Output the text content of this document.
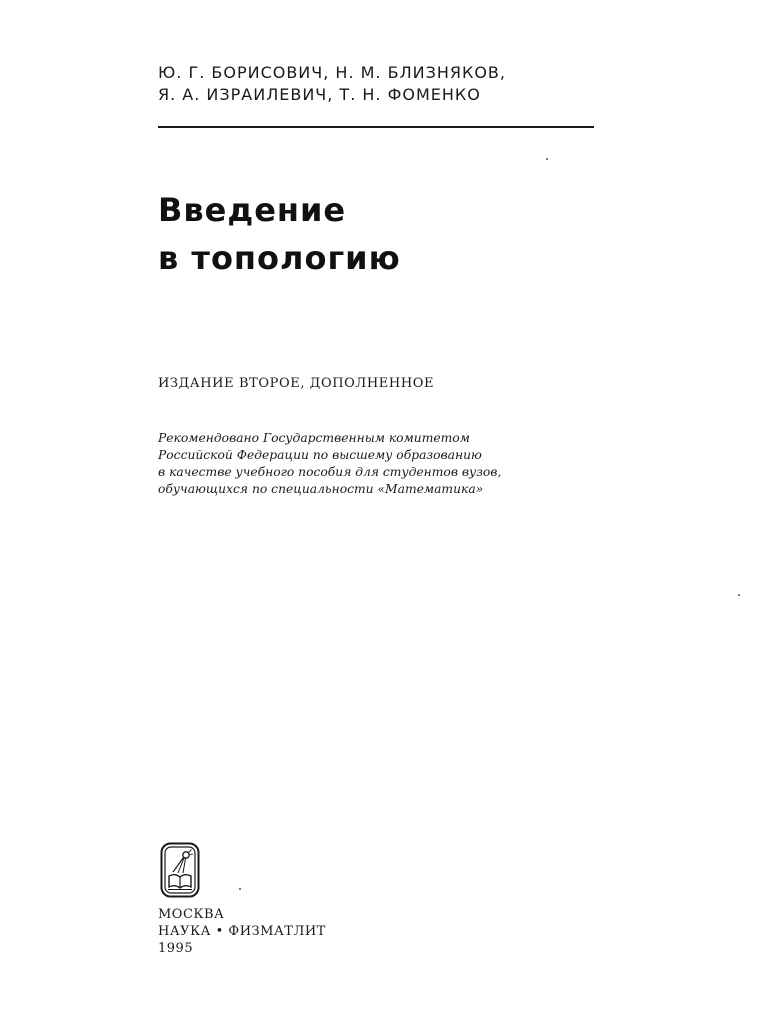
Ю. Г. БОРИСОВИЧ, Н. М. БЛИЗНЯКОВ,
Я. А. ИЗРАИЛЕВИЧ, Т. Н. ФОМЕНКО
Введение
в топологию
ИЗДАНИЕ ВТОРОЕ, ДОПОЛНЕННОЕ
Рекомендовано Государственным комитетом
Российской Федерации по высшему образованию
в качестве учебного пособия для студентов вузов,
обучающихся по специальности «Математика»
МОСКВА
НАУКА • ФИЗМАТЛИТ
1995
